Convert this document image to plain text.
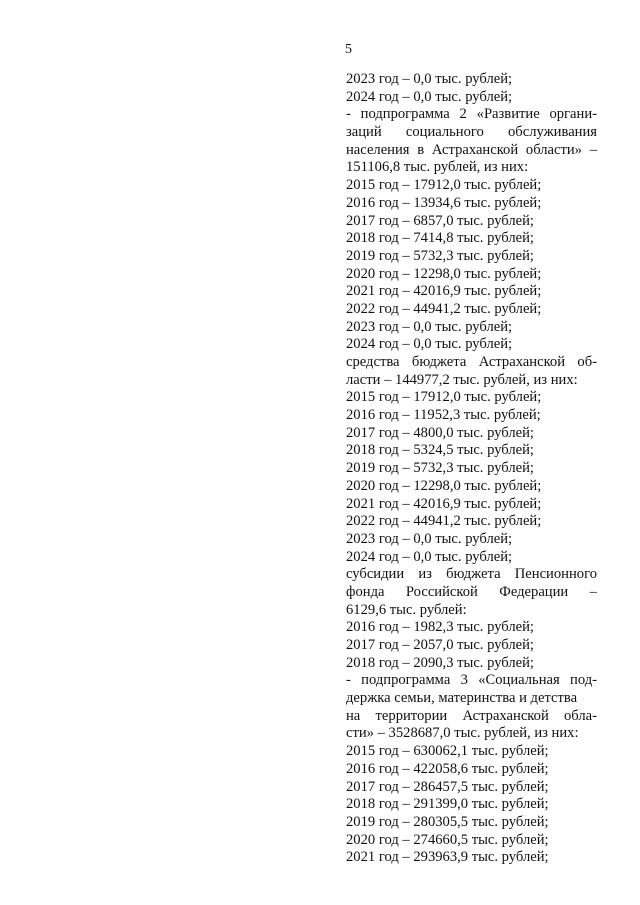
5
2023 год – 0,0 тыс. рублей;
2024 год – 0,0 тыс. рублей;
- подпрограмма 2 «Развитие органи-
заций социального обслуживания
населения в Астраханской области» –
151106,8 тыс. рублей, из них:
2015 год – 17912,0 тыс. рублей;
2016 год – 13934,6 тыс. рублей;
2017 год – 6857,0 тыс. рублей;
2018 год – 7414,8 тыс. рублей;
2019 год – 5732,3 тыс. рублей;
2020 год – 12298,0 тыс. рублей;
2021 год – 42016,9 тыс. рублей;
2022 год – 44941,2 тыс. рублей;
2023 год – 0,0 тыс. рублей;
2024 год – 0,0 тыс. рублей;
средства бюджета Астраханской об-
ласти – 144977,2 тыс. рублей, из них:
2015 год – 17912,0 тыс. рублей;
2016 год – 11952,3 тыс. рублей;
2017 год – 4800,0 тыс. рублей;
2018 год – 5324,5 тыс. рублей;
2019 год – 5732,3 тыс. рублей;
2020 год – 12298,0 тыс. рублей;
2021 год – 42016,9 тыс. рублей;
2022 год – 44941,2 тыс. рублей;
2023 год – 0,0 тыс. рублей;
2024 год – 0,0 тыс. рублей;
субсидии из бюджета Пенсионного
фонда Российской Федерации –
6129,6 тыс. рублей:
2016 год – 1982,3 тыс. рублей;
2017 год – 2057,0 тыс. рублей;
2018 год – 2090,3 тыс. рублей;
- подпрограмма 3 «Социальная под-
держка семьи, материнства и детства
на территории Астраханской обла-
сти» – 3528687,0 тыс. рублей, из них:
2015 год – 630062,1 тыс. рублей;
2016 год – 422058,6 тыс. рублей;
2017 год – 286457,5 тыс. рублей;
2018 год – 291399,0 тыс. рублей;
2019 год – 280305,5 тыс. рублей;
2020 год – 274660,5 тыс. рублей;
2021 год – 293963,9 тыс. рублей;
